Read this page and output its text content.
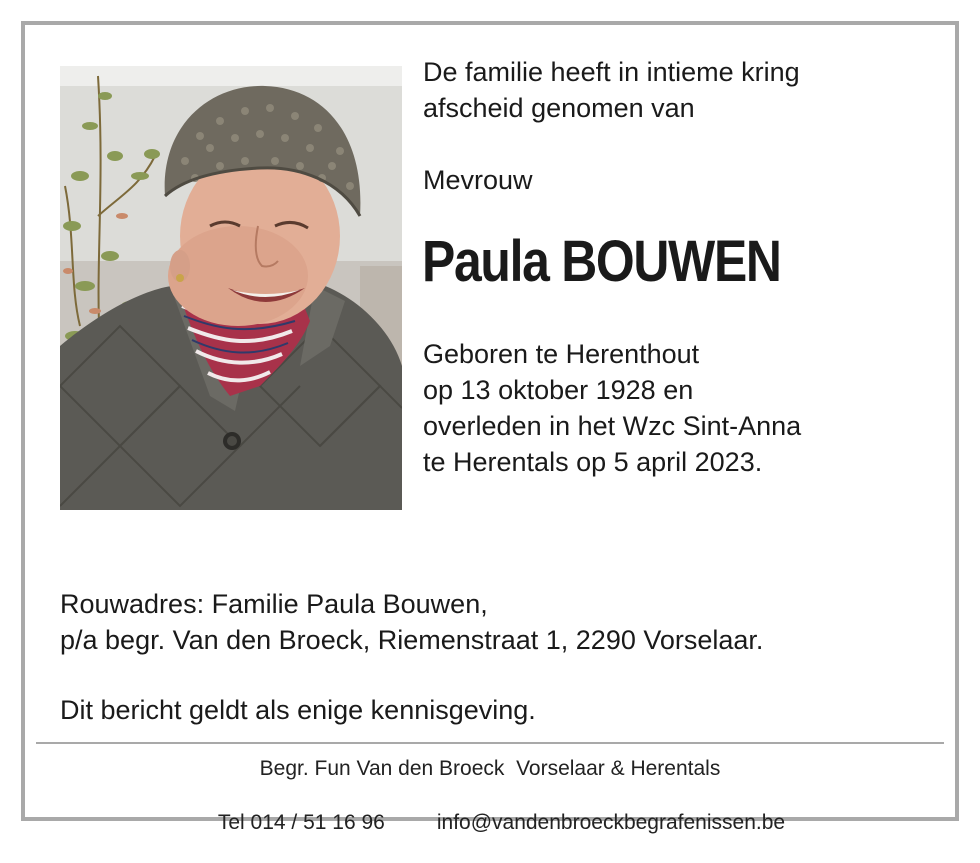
De familie heeft in intieme kring
afscheid genomen van
Mevrouw
Paula BOUWEN
Geboren te Herenthout
op 13 oktober 1928 en
overleden in het Wzc Sint-Anna
te Herentals op 5 april 2023.
Rouwadres: Familie Paula Bouwen,
p/a begr. Van den Broeck, Riemenstraat 1, 2290 Vorselaar.
Dit bericht geldt als enige kennisgeving.
Begr. Fun Van den Broeck  Vorselaar & Herentals

Tel 014 / 51 16 96 info@vandenbroeckbegrafenissen.be
